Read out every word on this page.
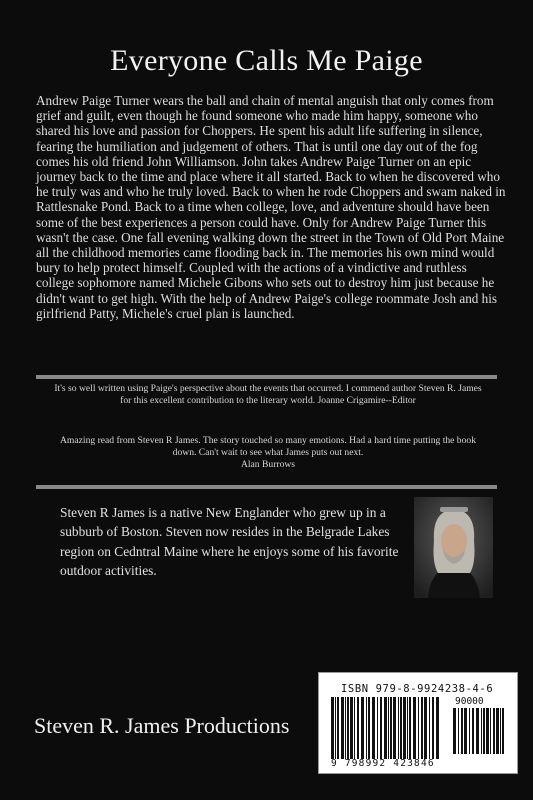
Everyone Calls Me Paige
Andrew Paige Turner wears the ball and chain of mental anguish that only comes from grief and guilt, even though he found someone who made him happy, someone who shared his love and passion for Choppers. He spent his adult life suffering in silence, fearing the humiliation and judgement of others. That is until one day out of the fog comes his old friend John Williamson. John takes Andrew Paige Turner on an epic journey back to the time and place where it all started. Back to when he discovered who he truly was and who he truly loved. Back to when he rode Choppers and swam naked in Rattlesnake Pond. Back to a time when college, love, and adventure should have been some of the best experiences a person could have. Only for Andrew Paige Turner this wasn't the case. One fall evening walking down the street in the Town of Old Port Maine all the childhood memories came flooding back in. The memories his own mind would bury to help protect himself. Coupled with the actions of a vindictive and ruthless college sophomore named Michele Gibons who sets out to destroy him just because he didn't want to get high. With the help of Andrew Paige's college roommate Josh and his girlfriend Patty, Michele's cruel plan is launched.
It's so well written using Paige's perspective about the events that occurred. I commend author Steven R. James for this excellent contribution to the literary world. Joanne Crigamire--Editor
Amazing read from Steven R James. The story touched so many emotions. Had a hard time putting the book down. Can't wait to see what James puts out next.
Alan Burrows
Steven R James is a native New Englander who grew up in a subburb of Boston. Steven now resides in the Belgrade Lakes region on Cedntral Maine where he enjoys some of his favorite outdoor activities.
Steven R. James Productions
ISBN 979-8-9924238-4-6
90000
9 798992 423846
